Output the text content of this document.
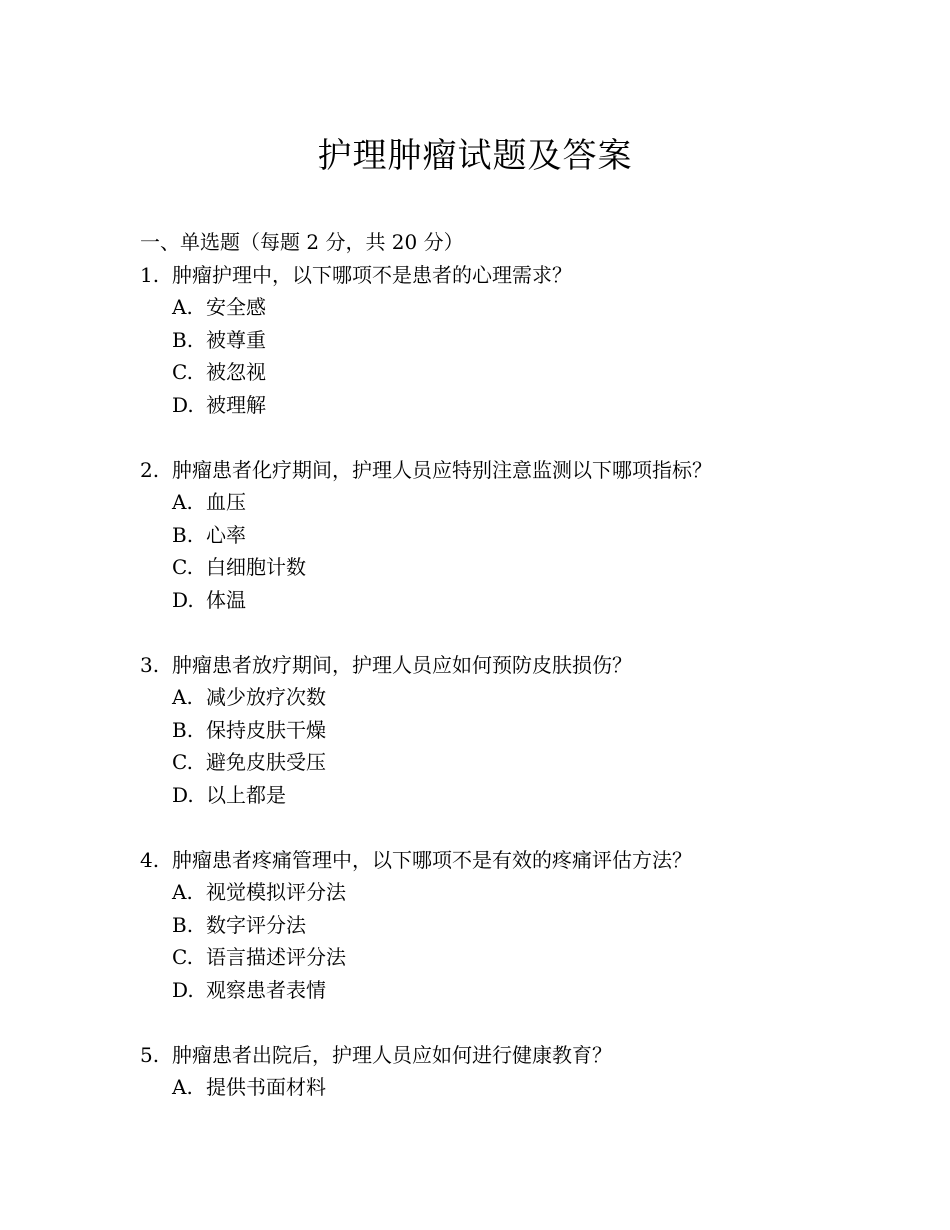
护理肿瘤试题及答案
一、单选题（每题 2 分，共 20 分）
1. 肿瘤护理中，以下哪项不是患者的心理需求？
A. 安全感
B. 被尊重
C. 被忽视
D. 被理解
2. 肿瘤患者化疗期间，护理人员应特别注意监测以下哪项指标？
A. 血压
B. 心率
C. 白细胞计数
D. 体温
3. 肿瘤患者放疗期间，护理人员应如何预防皮肤损伤？
A. 减少放疗次数
B. 保持皮肤干燥
C. 避免皮肤受压
D. 以上都是
4. 肿瘤患者疼痛管理中，以下哪项不是有效的疼痛评估方法？
A. 视觉模拟评分法
B. 数字评分法
C. 语言描述评分法
D. 观察患者表情
5. 肿瘤患者出院后，护理人员应如何进行健康教育？
A. 提供书面材料
